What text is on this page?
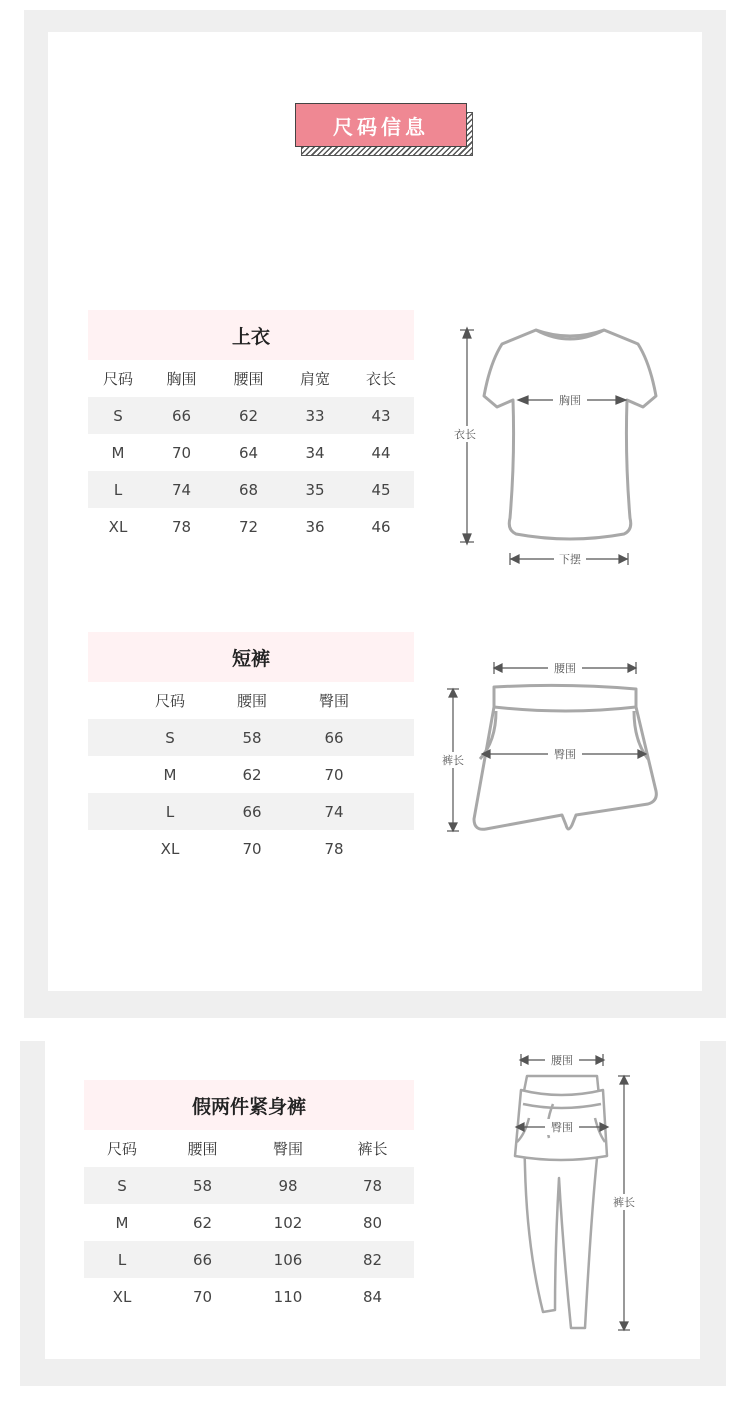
尺码信息
上衣
尺码	胸围	腰围	肩宽	衣长
S	66	62	33	43
M	70	64	34	44
L	74	68	35	45
XL	78	72	36	46
胸围
衣长
下摆
短裤
尺码	腰围	臀围
S	58	66
M	62	70
L	66	74
XL	70	78
腰围
臀围
裤长
假两件紧身裤
尺码	腰围	臀围	裤长
S	58	98	78
M	62	102	80
L	66	106	82
XL	70	110	84
腰围
臀围
裤长
